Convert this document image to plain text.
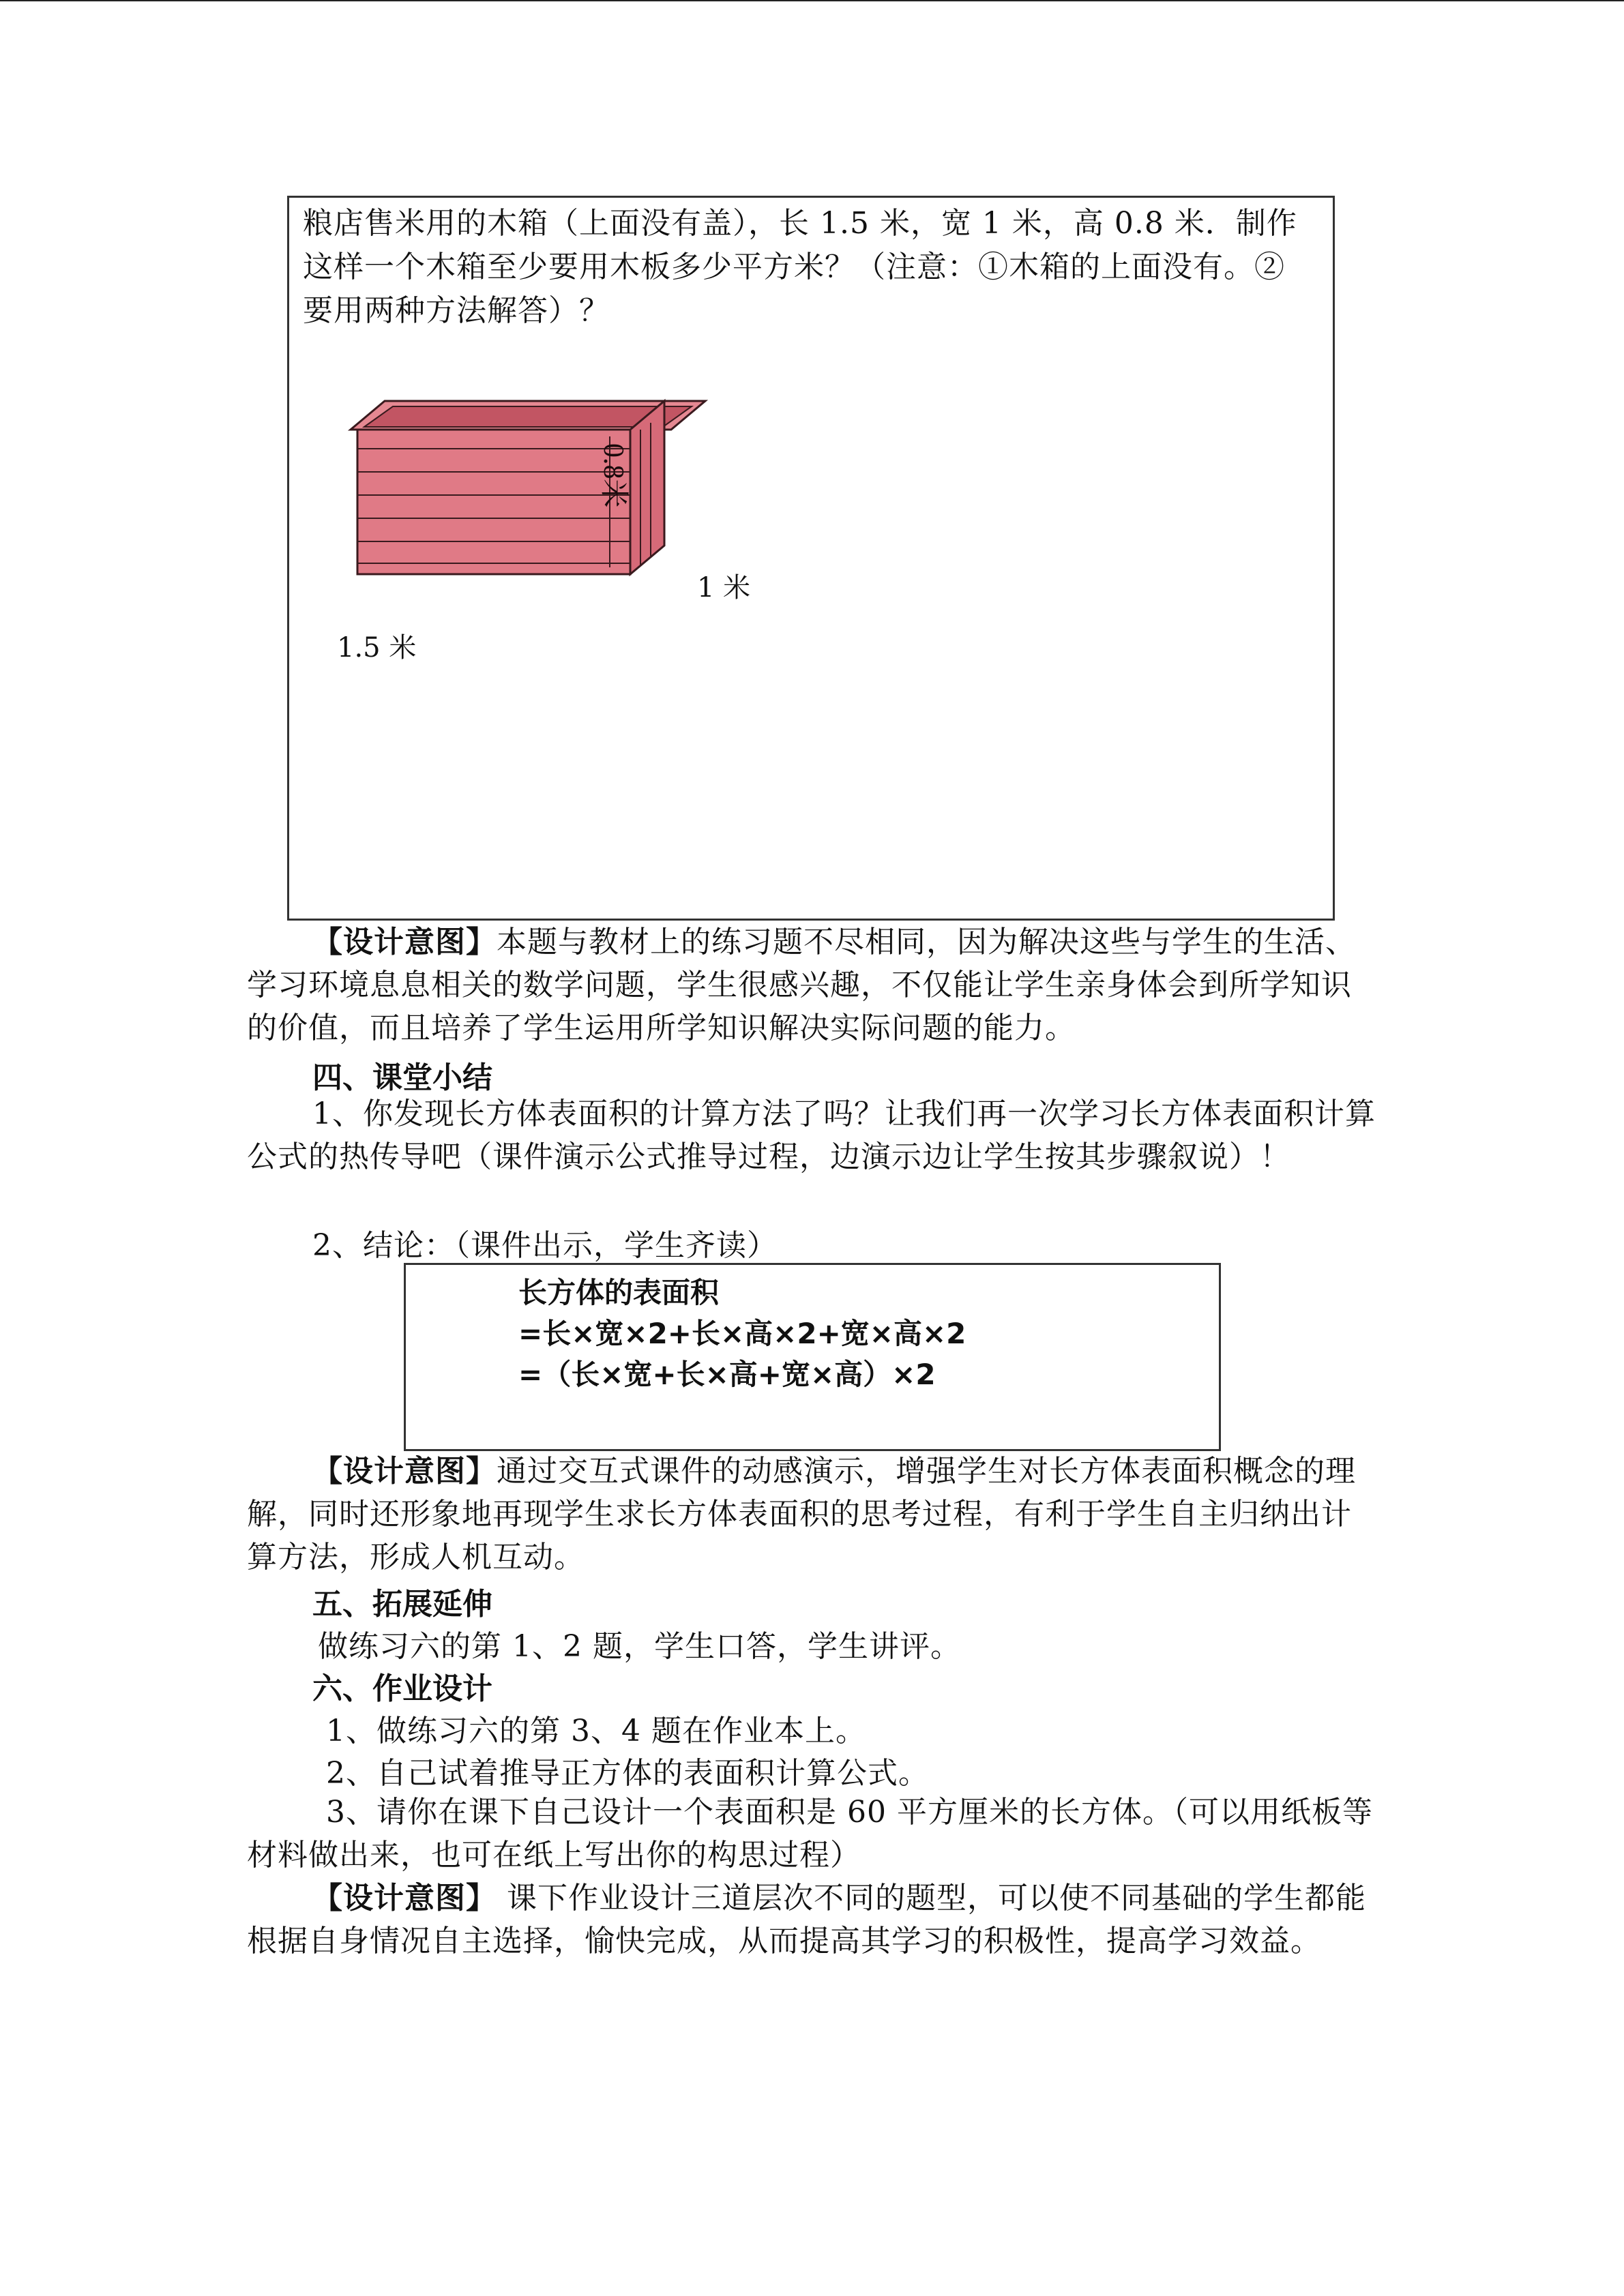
粮店售米用的木箱（上面没有盖），长 1.5 米，宽 1 米，高 0.8 米．制作这样一个木箱至少要用木板多少平方米？（注意：①木箱的上面没有。②要用两种方法解答）？
0.8米
1 米
1.5 米
【设计意图】本题与教材上的练习题不尽相同，因为解决这些与学生的生活、学习环境息息相关的数学问题，学生很感兴趣，不仅能让学生亲身体会到所学知识的价值，而且培养了学生运用所学知识解决实际问题的能力。
四、课堂小结
1、你发现长方体表面积的计算方法了吗？让我们再一次学习长方体表面积计算公式的热传导吧（课件演示公式推导过程，边演示边让学生按其步骤叙说）！
2、结论：（课件出示，学生齐读）
长方体的表面积
=长×宽×2+长×高×2+宽×高×2
=（长×宽+长×高+宽×高）×2
【设计意图】通过交互式课件的动感演示，增强学生对长方体表面积概念的理解，同时还形象地再现学生求长方体表面积的思考过程，有利于学生自主归纳出计算方法，形成人机互动。
五、拓展延伸
做练习六的第 1、2 题，学生口答，学生讲评。
六、作业设计
1、做练习六的第 3、4 题在作业本上。
2、自己试着推导正方体的表面积计算公式。
3、请你在课下自己设计一个表面积是 60 平方厘米的长方体。（可以用纸板等材料做出来，也可在纸上写出你的构思过程）
【设计意图】 课下作业设计三道层次不同的题型，可以使不同基础的学生都能根据自身情况自主选择，愉快完成，从而提高其学习的积极性，提高学习效益。
